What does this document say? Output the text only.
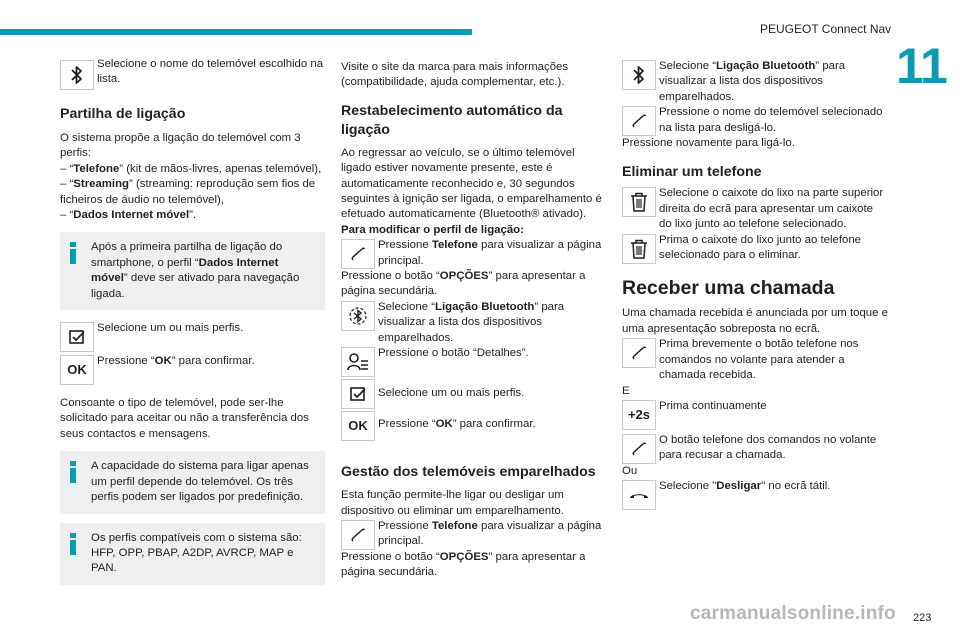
PEUGEOT Connect Nav
11

Selecione o nome do telemóvel escolhido na lista.

Partilha de ligação

O sistema propõe a ligação do telemóvel com 3 perfis:

– “Telefone” (kit de mãos-livres, apenas telemóvel),

– “Streaming” (streaming: reprodução sem fios de ficheiros de áudio no telemóvel),

– “Dados Internet móvel”.

Após a primeira partilha de ligação do smartphone, o perfil “Dados Internet móvel” deve ser ativado para navegação ligada.

Selecione um ou mais perfis.

OK

Pressione “OK” para confirmar.

Consoante o tipo de telemóvel, pode ser-lhe solicitado para aceitar ou não a transferência dos seus contactos e mensagens.

A capacidade do sistema para ligar apenas um perfil depende do telemóvel. Os três perfis podem ser ligados por predefinição.

Os perfis compatíveis com o sistema são: HFP, OPP, PBAP, A2DP, AVRCP, MAP e PAN.

Visite o site da marca para mais informações (compatibilidade, ajuda complementar, etc.).

Restabelecimento automático da ligação

Ao regressar ao veículo, se o último telemóvel ligado estiver novamente presente, este é automaticamente reconhecido e, 30 segundos seguintes à ignição ser ligada, o emparelhamento é efetuado automaticamente (Bluetooth® ativado).

Para modificar o perfil de ligação:

Pressione Telefone para visualizar a página principal.

Pressione o botão “OPÇÕES” para apresentar a página secundária.

Selecione “Ligação Bluetooth” para visualizar a lista dos dispositivos emparelhados.

Pressione o botão “Detalhes”.

Selecione um ou mais perfis.

OK Pressione “OK” para confirmar.

Gestão dos telemóveis emparelhados

Esta função permite-lhe ligar ou desligar um dispositivo ou eliminar um emparelhamento.

Pressione Telefone para visualizar a página principal.

Pressione o botão “OPÇÕES” para apresentar a página secundária.

Selecione “Ligação Bluetooth” para visualizar a lista dos dispositivos emparelhados.

Pressione o nome do telemóvel selecionado na lista para desligá-lo.

Pressione novamente para ligá-lo.

Eliminar um telefone

Selecione o caixote do lixo na parte superior direita do ecrã para apresentar um caixote do lixo junto ao telefone selecionado.

Prima o caixote do lixo junto ao telefone selecionado para o eliminar.

Receber uma chamada

Uma chamada recebida é anunciada por um toque e uma apresentação sobreposta no ecrã.

Prima brevemente o botão telefone nos comandos no volante para atender a chamada recebida.

E

+2s

Prima continuamente

O botão telefone dos comandos no volante para recusar a chamada.

Ou

Selecione "Desligar" no ecrã tátil.

carmanualsonline.info 223
